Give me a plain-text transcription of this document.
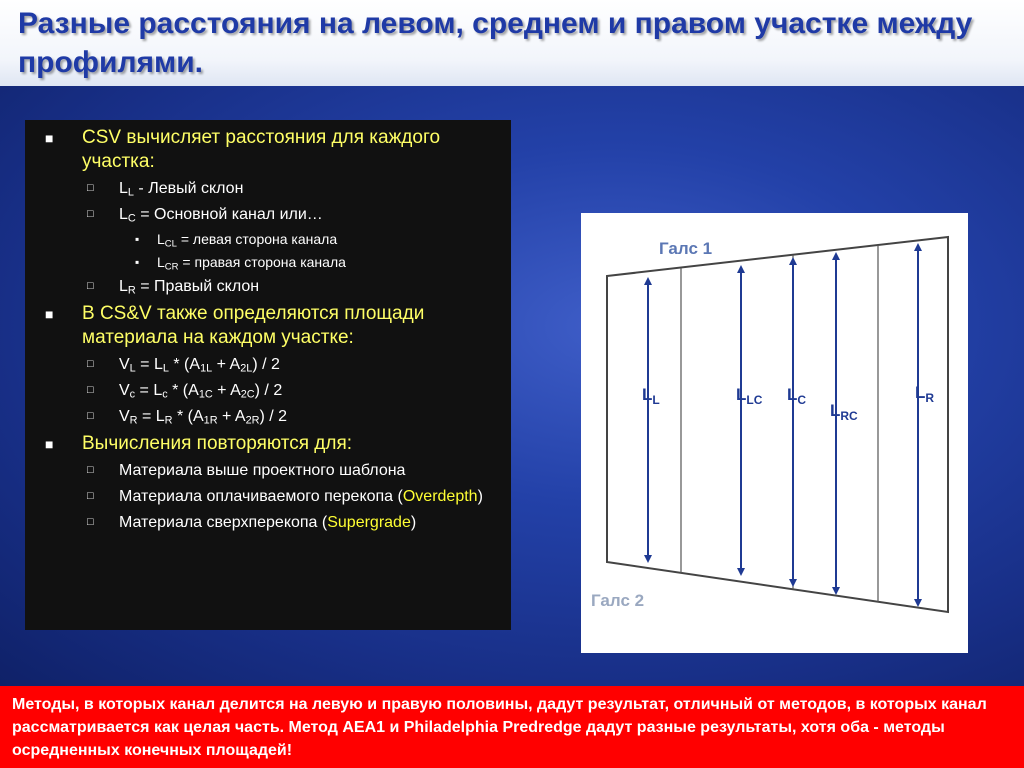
Разные расстояния на левом, среднем и правом участке между профилями.
■ CSV вычисляет расстояния для каждого участка:
□ $L_L$ - Левый склон
□ $L_C$ = Основной канал или…
▪ $L_{CL}$ = левая сторона канала
▪ $L_{CR}$ = правая сторона канала
□ $L_R$ = Правый склон
■ В CS&V также определяются площади материала на каждом участке:
□ $V_L = L_L * (A_{1L} + A_{2L}) / 2$
□ $V_c = L_c * (A_{1C} + A_{2C}) / 2$
□ $V_R = L_R * (A_{1R} + A_{2R}) / 2$
■ Вычисления повторяются для:
□ Материала выше проектного шаблона
□ Материала оплачиваемого перекопа (Overdepth)
□ Материала сверхперекопа (Supergrade)
Галс 1
Галс 2
$L_L$	$L_{LC}$ $L_C$
$L_{RC}$
$L_R$
Методы, в которых канал делится на левую и правую половины, дадут результат, отличный от методов, в которых канал рассматривается как целая часть. Метод AEA1 и Philadelphia Predredge дадут разные результаты, хотя оба - методы осредненных конечных площадей!
